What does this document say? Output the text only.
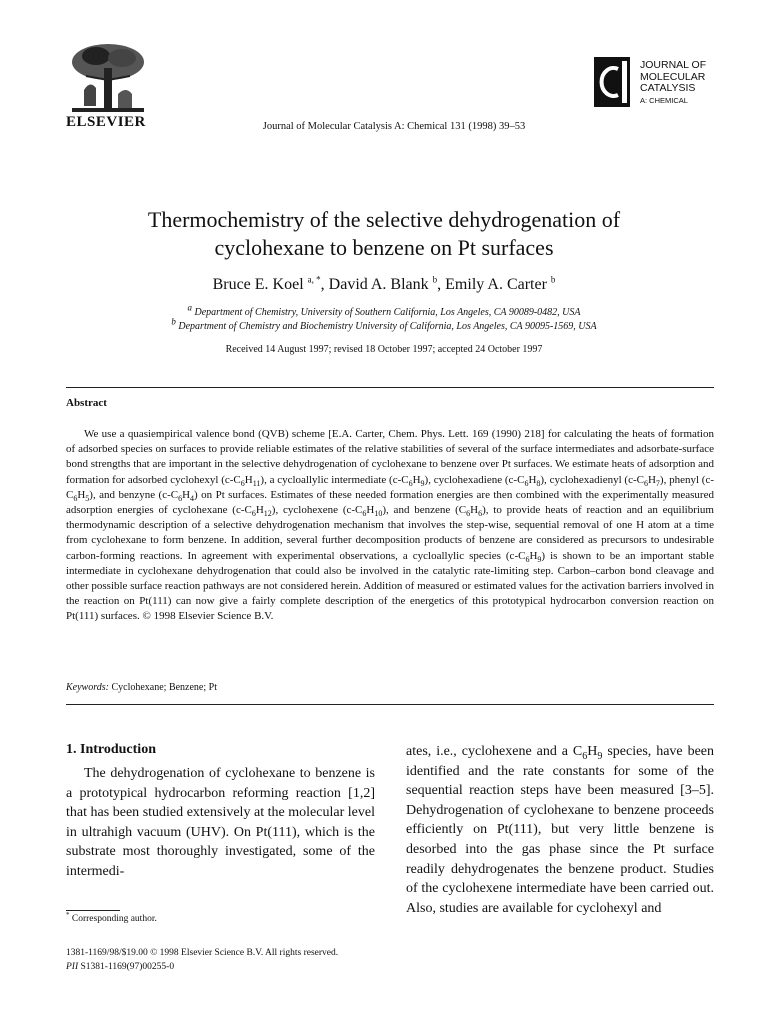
ELSEVIER	Journal of Molecular Catalysis A: Chemical 131 (1998) 39–53
JOURNAL OF
MOLECULAR
CATALYSIS
A: CHEMICAL
Thermochemistry of the selective dehydrogenation of
cyclohexane to benzene on Pt surfaces
Bruce E. Koel $^{a, *}$, David A. Blank $^b$, Emily A. Carter $^b$
$^a$ Department of Chemistry, University of Southern California, Los Angeles, CA 90089-0482, USA
$^b$ Department of Chemistry and Biochemistry University of California, Los Angeles, CA 90095-1569, USA
Received 14 August 1997; revised 18 October 1997; accepted 24 October 1997
Abstract

We use a quasiempirical valence bond (QVB) scheme [E.A. Carter, Chem. Phys. Lett. 169 (1990) 218] for calculating the heats of formation of adsorbed species on surfaces to provide reliable estimates of the relative stabilities of several of the surface intermediates and adsorbate-surface bond strengths that are important in the selective dehydrogenation of cyclohexane to benzene over Pt surfaces. We estimate heats of adsorption and formation for adsorbed cyclohexyl $(c-C_6H_{11})$, a cycloallylic intermediate $(c-C_6H_9)$, cyclohexadiene $(c-C_6H_8)$, cyclohexadienyl $(c-C_6H_7)$, phenyl $(c-C_6H_5)$, and benzyne $(c-C_6H_4)$ on Pt surfaces. Estimates of these needed formation energies are then combined with the experimentally measured adsorption energies of cyclohexane $(c-C_6H_{12})$, cyclohexene $(c-C_6H_{10})$, and benzene $(C_6H_6)$, to provide heats of reaction and an equilibrium thermodynamic description of a selective dehydrogenation mechanism that involves the step-wise, sequential removal of one H atom at a time from cyclohexane to form benzene. In addition, several further decomposition products of benzene are considered as precursors to undesirable carbon-forming reactions. In agreement with experimental observations, a cycloallylic species $(c-C_6H_9)$ is shown to be an important stable intermediate in cyclohexane dehydrogenation that could also be involved in the catalytic rate-limiting step. Carbon–carbon bond cleavage and other possible surface reaction pathways are not considered herein. Addition of measured or estimated values for the activation barriers involved in the reaction on Pt(111) can now give a fairly complete description of the energetics of this prototypical hydrocarbon conversion reaction on Pt(111) surfaces. © 1998 Elsevier Science B.V.

Keywords: Cyclohexane; Benzene; Pt
1. Introduction

The dehydrogenation of cyclohexane to benzene is a prototypical hydrocarbon reforming reaction [1,2] that has been studied extensively at the molecular level in ultrahigh vacuum (UHV). On Pt(111), which is the substrate most thoroughly investigated, some of the intermedi-

ates, i.e., cyclohexene and a $C_6H_9$ species, have been identified and the rate constants for some of the sequential reaction steps have been measured [3–5]. Dehydrogenation of cyclohexane to benzene proceeds efficiently on Pt(111), but very little benzene is desorbed into the gas phase since the Pt surface readily dehydrogenates the benzene product. Studies of the cyclohexene intermediate have been carried out. Also, studies are available for cyclohexyl and

* Corresponding author.
1381-1169/98/$19.00 © 1998 Elsevier Science B.V. All rights reserved.
PII S1381-1169(97)00255-0
